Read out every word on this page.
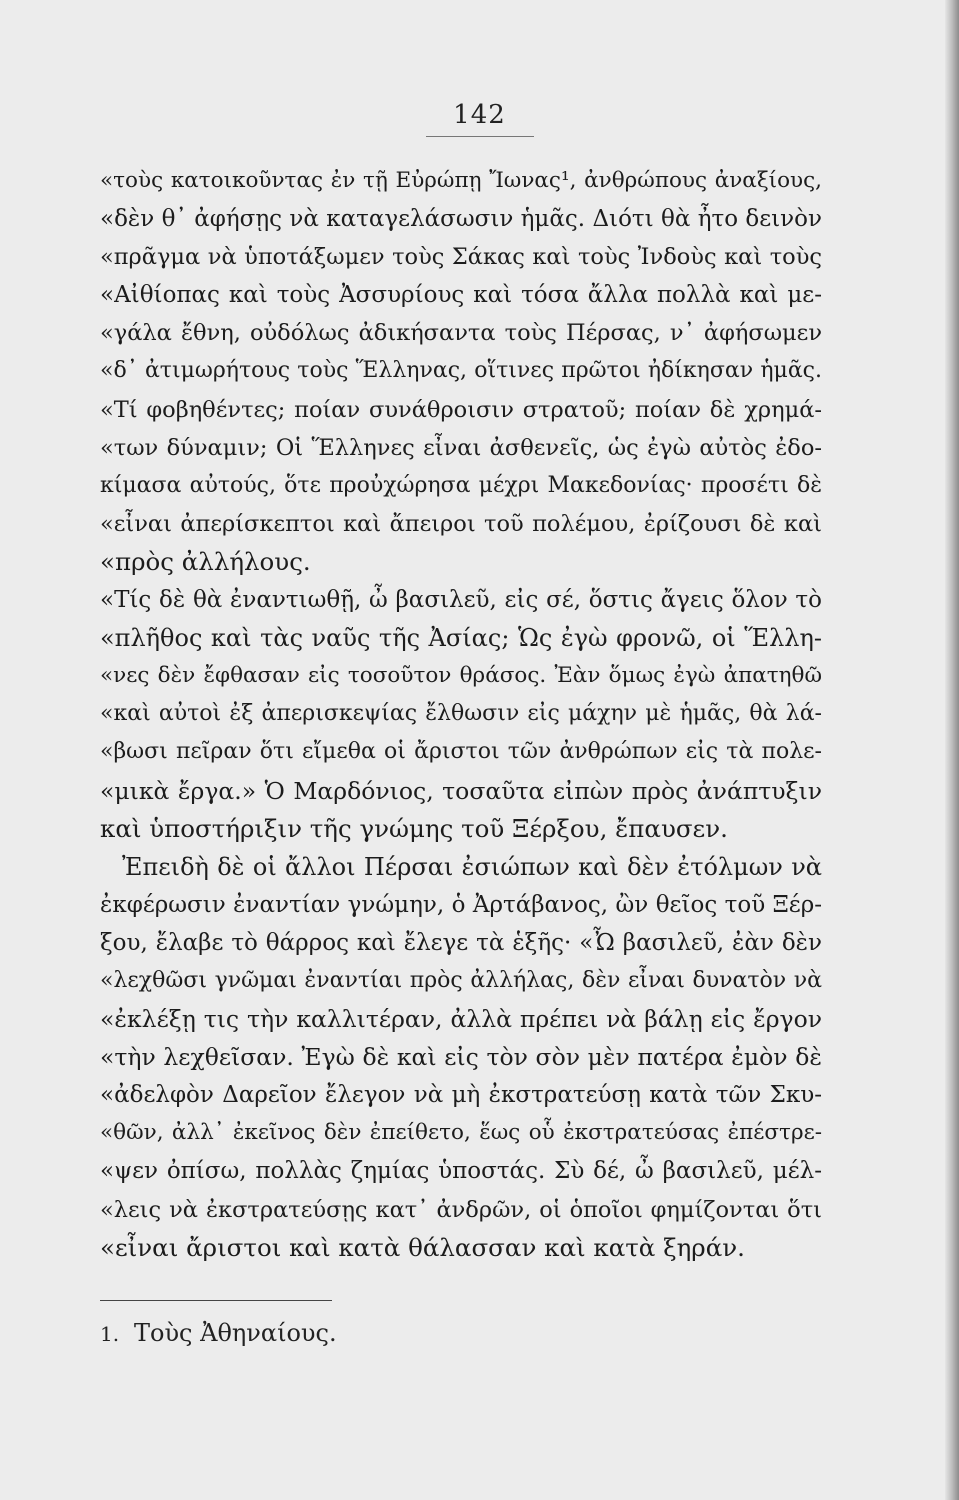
142
«τοὺς κατοικοῦντας ἐν τῇ Εὐρώπῃ Ἴωνας¹, ἀνθρώπους ἀναξίους,
«δὲν θ᾽ ἀφήσῃς νὰ καταγελάσωσιν ἡμᾶς. Διότι θὰ ἦτο δεινὸν
«πρᾶγμα νὰ ὑποτάξωμεν τοὺς Σάκας καὶ τοὺς Ἰνδοὺς καὶ τοὺς
«Αἰθίοπας καὶ τοὺς Ἀσσυρίους καὶ τόσα ἄλλα πολλὰ καὶ με-
«γάλα ἔθνη, οὐδόλως ἀδικήσαντα τοὺς Πέρσας, ν᾽ ἀφήσωμεν
«δ᾽ ἀτιμωρήτους τοὺς Ἕλληνας, οἵτινες πρῶτοι ἠδίκησαν ἡμᾶς.
«Τί φοβηθέντες; ποίαν συνάθροισιν στρατοῦ; ποίαν δὲ χρημά-
«των δύναμιν; Οἱ Ἕλληνες εἶναι ἀσθενεῖς, ὡς ἐγὼ αὐτὸς ἐδο-
κίμασα αὐτούς, ὅτε προὐχώρησα μέχρι Μακεδονίας· προσέτι δὲ
«εἶναι ἀπερίσκεπτοι καὶ ἄπειροι τοῦ πολέμου, ἐρίζουσι δὲ καὶ
«πρὸς ἀλλήλους.
«Τίς δὲ θὰ ἐναντιωθῇ, ὦ βασιλεῦ, εἰς σέ, ὅστις ἄγεις ὅλον τὸ
«πλῆθος καὶ τὰς ναῦς τῆς Ἀσίας; Ὡς ἐγὼ φρονῶ, οἱ Ἕλλη-
«νες δὲν ἔφθασαν εἰς τοσοῦτον θράσος. Ἐὰν ὅμως ἐγὼ ἀπατηθῶ
«καὶ αὐτοὶ ἐξ ἀπερισκεψίας ἔλθωσιν εἰς μάχην μὲ ἡμᾶς, θὰ λά-
«βωσι πεῖραν ὅτι εἴμεθα οἱ ἄριστοι τῶν ἀνθρώπων εἰς τὰ πολε-
«μικὰ ἔργα.» Ὁ Μαρδόνιος, τοσαῦτα εἰπὼν πρὸς ἀνάπτυξιν
καὶ ὑποστήριξιν τῆς γνώμης τοῦ Ξέρξου, ἔπαυσεν.
Ἐπειδὴ δὲ οἱ ἄλλοι Πέρσαι ἐσιώπων καὶ δὲν ἐτόλμων νὰ
ἐκφέρωσιν ἐναντίαν γνώμην, ὁ Ἀρτάβανος, ὢν θεῖος τοῦ Ξέρ-
ξου, ἔλαβε τὸ θάρρος καὶ ἔλεγε τὰ ἑξῆς· «Ὦ βασιλεῦ, ἐὰν δὲν
«λεχθῶσι γνῶμαι ἐναντίαι πρὸς ἀλλήλας, δὲν εἶναι δυνατὸν νὰ
«ἐκλέξῃ τις τὴν καλλιτέραν, ἀλλὰ πρέπει νὰ βάλῃ εἰς ἔργον
«τὴν λεχθεῖσαν. Ἐγὼ δὲ καὶ εἰς τὸν σὸν μὲν πατέρα ἐμὸν δὲ
«ἀδελφὸν Δαρεῖον ἔλεγον νὰ μὴ ἐκστρατεύσῃ κατὰ τῶν Σκυ-
«θῶν, ἀλλ᾽ ἐκεῖνος δὲν ἐπείθετο, ἕως οὗ ἐκστρατεύσας ἐπέστρε-
«ψεν ὀπίσω, πολλὰς ζημίας ὑποστάς. Σὺ δέ, ὦ βασιλεῦ, μέλ-
«λεις νὰ ἐκστρατεύσῃς κατ᾽ ἀνδρῶν, οἱ ὁποῖοι φημίζονται ὅτι
«εἶναι ἄριστοι καὶ κατὰ θάλασσαν καὶ κατὰ ξηράν.
1. Τοὺς Ἀθηναίους.
